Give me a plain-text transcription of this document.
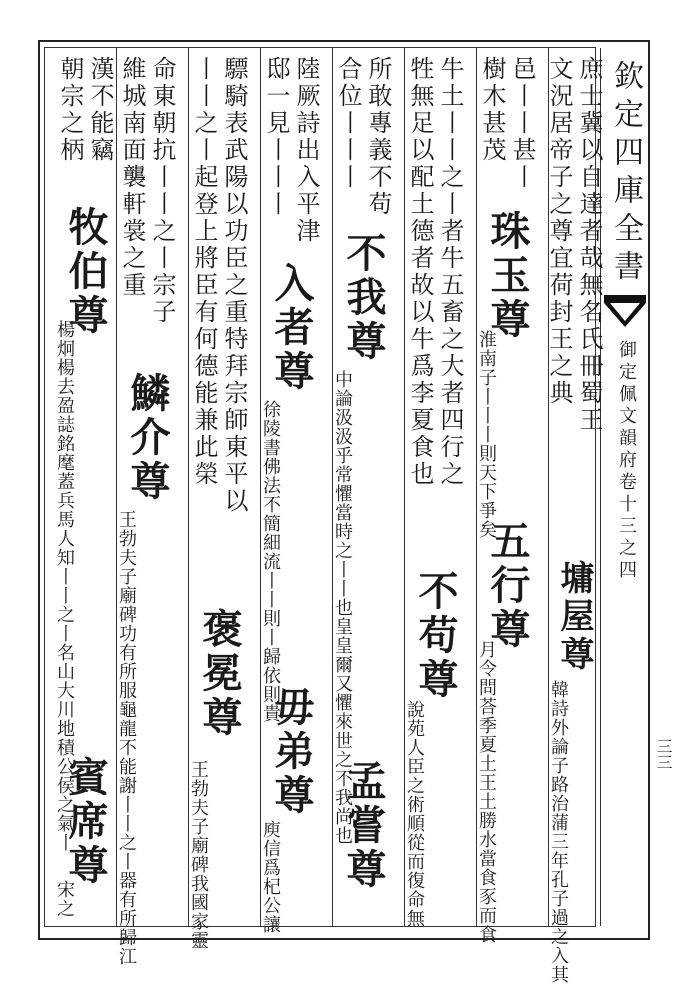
欽定四庫全書
御定佩文韻府卷十三之四
三三
文況居帝子之尊宜荷封王之典 庶士冀以自達者哉無名氏冊蜀王
墉屋尊
樹木甚茂 邑丨丨甚丨
珠玉尊
五行尊
牲無足以配土德者故以牛爲李夏食也 牛土丨丨之丨者牛五畜之大者四行之
不苟尊
合位丨丨丨 所敢專義不苟
不我尊
孟嘗尊
邸一見丨丨丨 陸厥詩出入平津
入者尊
毋弟尊
丨丨之丨起登上將臣有何德能兼此榮 驃騎表武陽以功臣之重特拜宗師東平以
褒冕尊
維城南面襲軒裳之重 命東朝抗丨丨之丨宗子
鱗介尊
朝宗之柄 漢不能竊
牧伯尊
賓席尊	韓詩外論子路治蒲三年孔子過之入其
淮南子丨丨丨則天下爭矣
月令問荅季夏土王土勝水當食豕而食
說苑人臣之術順從而復命無
中論汲汲乎常懼當時之丨丨也皇皇爾又懼來世之不我尚也
徐陵書佛法不簡細流丨丨則丨歸依則貴
庾信爲杞公讓
王勃夫子廟碑我國家靈
王勃夫子廟碑功有所服龜龍不能謝丨丨之丨器有所歸江
楊炯楊去盈誌銘麾蓋兵馬人知丨丨之丨名山大川地積公侯之氣丨
宋之
